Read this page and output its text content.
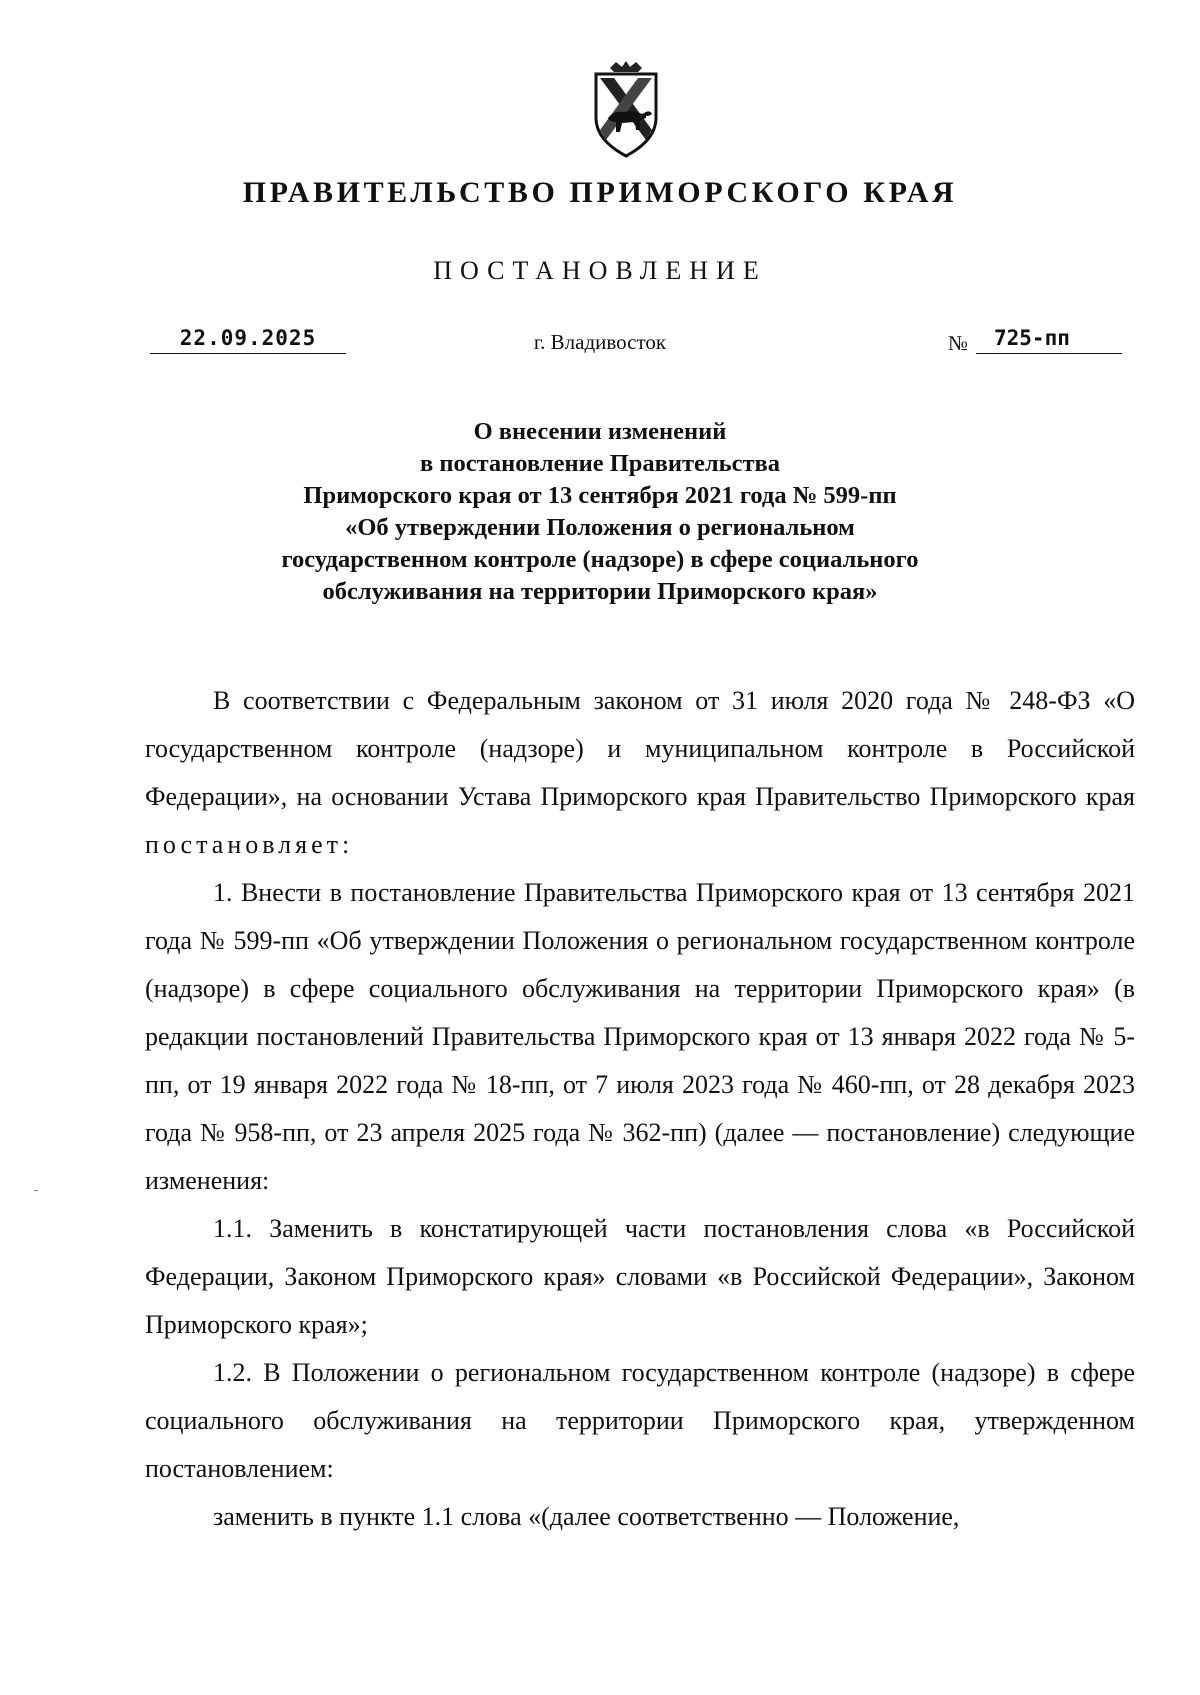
ПРАВИТЕЛЬСТВО ПРИМОРСКОГО КРАЯ
ПОСТАНОВЛЕНИЕ
22.09.2025	г. Владивосток	№	725-пп
О внесении изменений
в постановление Правительства
Приморского края от 13 сентября 2021 года № 599-пп
«Об утверждении Положения о региональном
государственном контроле (надзоре) в сфере социального
обслуживания на территории Приморского края»

В соответствии с Федеральным законом от 31 июля 2020 года № 248-ФЗ «О государственном контроле (надзоре) и муниципальном контроле в Российской Федерации», на основании Устава Приморского края Правительство Приморского края постановляет:

1. Внести в постановление Правительства Приморского края от 13 сентября 2021 года № 599-пп «Об утверждении Положения о региональном государственном контроле (надзоре) в сфере социального обслуживания на территории Приморского края» (в редакции постановлений Правительства Приморского края от 13 января 2022 года № 5-пп, от 19 января 2022 года № 18-пп, от 7 июля 2023 года № 460-пп, от 28 декабря 2023 года № 958-пп, от 23 апреля 2025 года № 362-пп) (далее — постановление) следующие изменения:

1.1. Заменить в констатирующей части постановления слова «в Российской Федерации, Законом Приморского края» словами «в Российской Федерации», Законом Приморского края»;

1.2. В Положении о региональном государственном контроле (надзоре) в сфере социального обслуживания на территории Приморского края, утвержденном постановлением:

заменить в пункте 1.1 слова «(далее соответственно — Положение,
